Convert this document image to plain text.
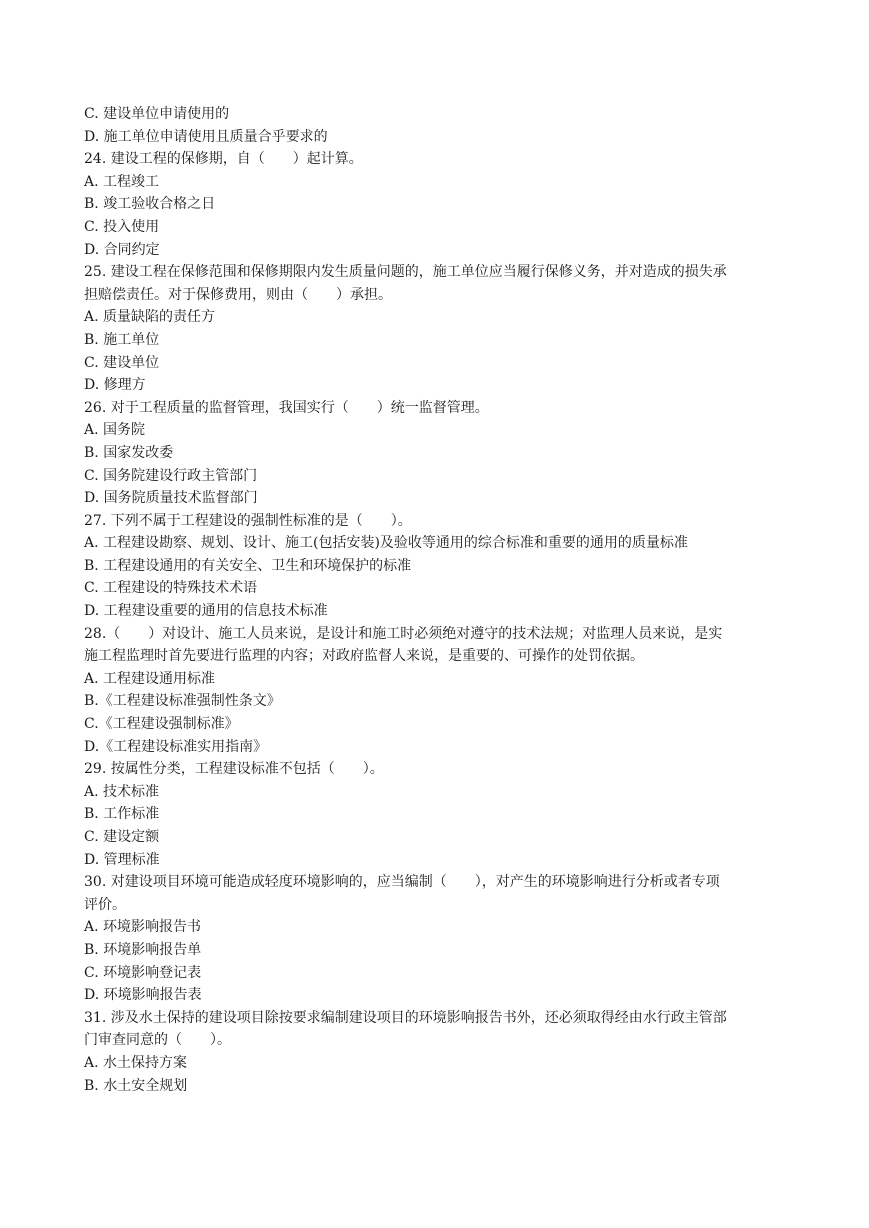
C. 建设单位申请使用的
D. 施工单位申请使用且质量合乎要求的
24. 建设工程的保修期，自（　　）起计算。
A. 工程竣工
B. 竣工验收合格之日
C. 投入使用
D. 合同约定
25. 建设工程在保修范围和保修期限内发生质量问题的，施工单位应当履行保修义务，并对造成的损失承
担赔偿责任。对于保修费用，则由（　　）承担。
A. 质量缺陷的责任方
B. 施工单位
C. 建设单位
D. 修理方
26. 对于工程质量的监督管理，我国实行（　　）统一监督管理。
A. 国务院
B. 国家发改委
C. 国务院建设行政主管部门
D. 国务院质量技术监督部门
27. 下列不属于工程建设的强制性标准的是（　　）。
A. 工程建设勘察、规划、设计、施工(包括安装)及验收等通用的综合标准和重要的通用的质量标准
B. 工程建设通用的有关安全、卫生和环境保护的标准
C. 工程建设的特殊技术术语
D. 工程建设重要的通用的信息技术标准
28.（　　）对设计、施工人员来说，是设计和施工时必须绝对遵守的技术法规；对监理人员来说，是实
施工程监理时首先要进行监理的内容；对政府监督人来说，是重要的、可操作的处罚依据。
A. 工程建设通用标准
B.《工程建设标准强制性条文》
C.《工程建设强制标准》
D.《工程建设标准实用指南》
29. 按属性分类，工程建设标准不包括（　　）。
A. 技术标准
B. 工作标准
C. 建设定额
D. 管理标准
30. 对建设项目环境可能造成轻度环境影响的，应当编制（　　），对产生的环境影响进行分析或者专项
评价。
A. 环境影响报告书
B. 环境影响报告单
C. 环境影响登记表
D. 环境影响报告表
31. 涉及水土保持的建设项目除按要求编制建设项目的环境影响报告书外，还必须取得经由水行政主管部
门审查同意的（　　）。
A. 水土保持方案
B. 水土安全规划
